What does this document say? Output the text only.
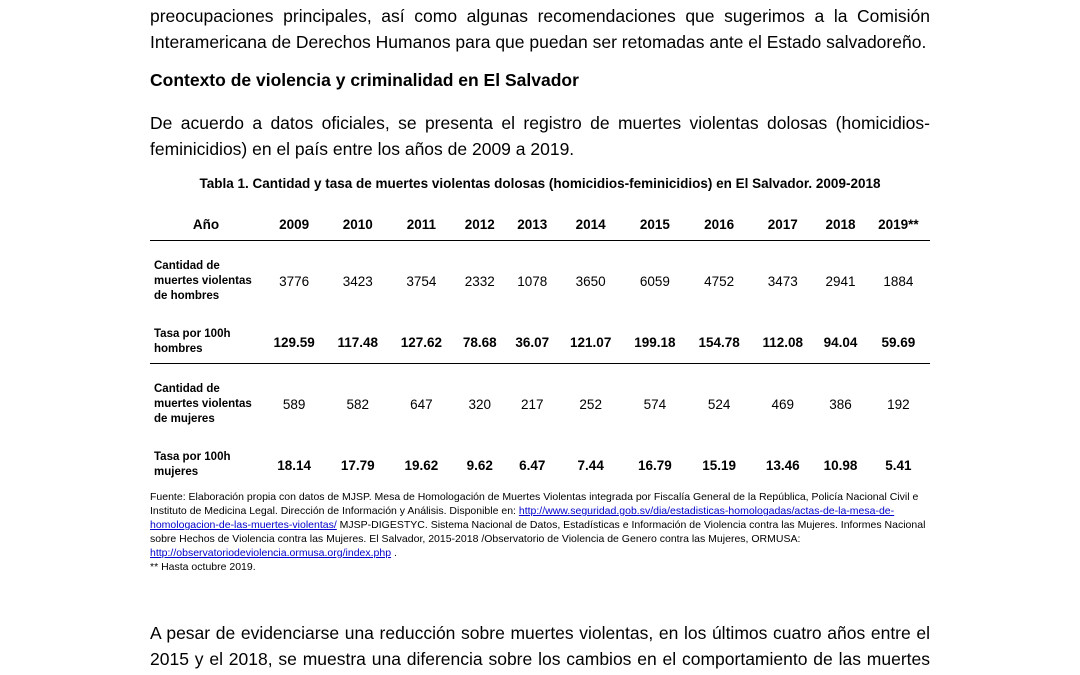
preocupaciones principales, así como algunas recomendaciones que sugerimos a la Comisión
Interamericana de Derechos Humanos para que puedan ser retomadas ante el Estado salvadoreño.

Contexto de violencia y criminalidad en El Salvador

De acuerdo a datos oficiales, se presenta el registro de muertes violentas dolosas (homicidios-
feminicidios) en el país entre los años de 2009 a 2019.

Tabla 1. Cantidad y tasa de muertes violentas dolosas (homicidios-feminicidios) en El Salvador. 2009-2018

Año	2009	2010	2011	2012	2013	2014	2015	2016	2017	2018	2019**
Cantidad de muertes violentas de hombres	3776	3423	3754	2332	1078	3650	6059	4752	3473	2941	1884
Tasa por 100h hombres	129.59	117.48	127.62	78.68	36.07	121.07	199.18	154.78	112.08	94.04	59.69
Cantidad de muertes violentas de mujeres	589	582	647	320	217	252	574	524	469	386	192
Tasa por 100h mujeres	18.14	17.79	19.62	9.62	6.47	7.44	16.79	15.19	13.46	10.98	5.41

Fuente: Elaboración propia con datos de MJSP. Mesa de Homologación de Muertes Violentas integrada por Fiscalía General de la República, Policía Nacional Civil e Instituto de Medicina Legal. Dirección de Información y Análisis. Disponible en: http://www.seguridad.gob.sv/dia/estadisticas-homologadas/actas-de-la-mesa-de-homologacion-de-las-muertes-violentas/ MJSP-DIGESTYC. Sistema Nacional de Datos, Estadísticas e Información de Violencia contra las Mujeres. Informes Nacional sobre Hechos de Violencia contra las Mujeres. El Salvador, 2015-2018 /Observatorio de Violencia de Genero contra las Mujeres, ORMUSA: http://observatoriodeviolencia.ormusa.org/index.php .
** Hasta octubre 2019.

A pesar de evidenciarse una reducción sobre muertes violentas, en los últimos cuatro años entre el
2015 y el 2018, se muestra una diferencia sobre los cambios en el comportamiento de las muertes
